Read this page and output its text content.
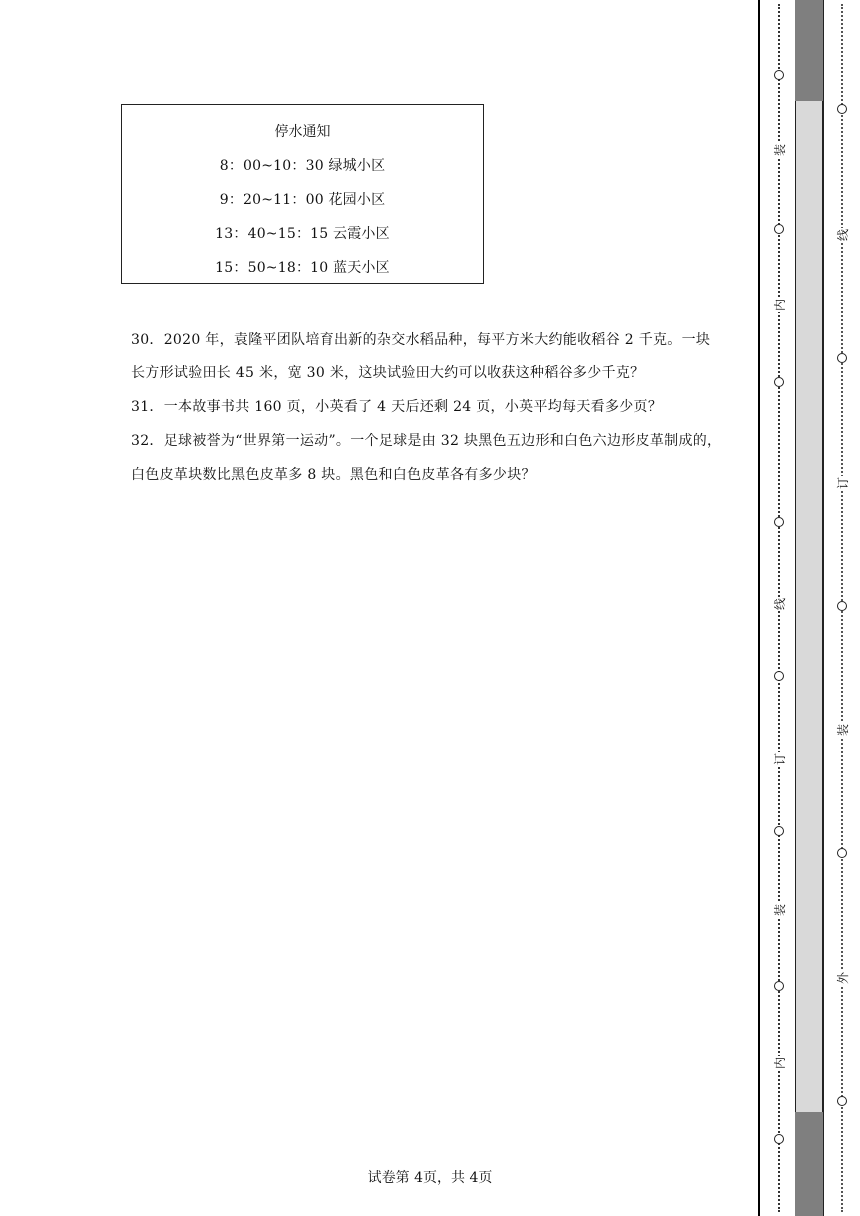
停水通知
8：00~10：30 绿城小区
9：20~11：00 花园小区
13：40~15：15 云霞小区
15：50~18：10 蓝天小区
30．2020 年，袁隆平团队培育出新的杂交水稻品种，每平方米大约能收稻谷 2 千克。一块
长方形试验田长 45 米，宽 30 米，这块试验田大约可以收获这种稻谷多少千克？
31．一本故事书共 160 页，小英看了 4 天后还剩 24 页，小英平均每天看多少页？
32．足球被誉为“世界第一运动”。一个足球是由 32 块黑色五边形和白色六边形皮革制成的，
白色皮革块数比黑色皮革多 8 块。黑色和白色皮革各有多少块？
试卷第 4页，共 4页
装
内
线
订
装
内
线
订
装
外
